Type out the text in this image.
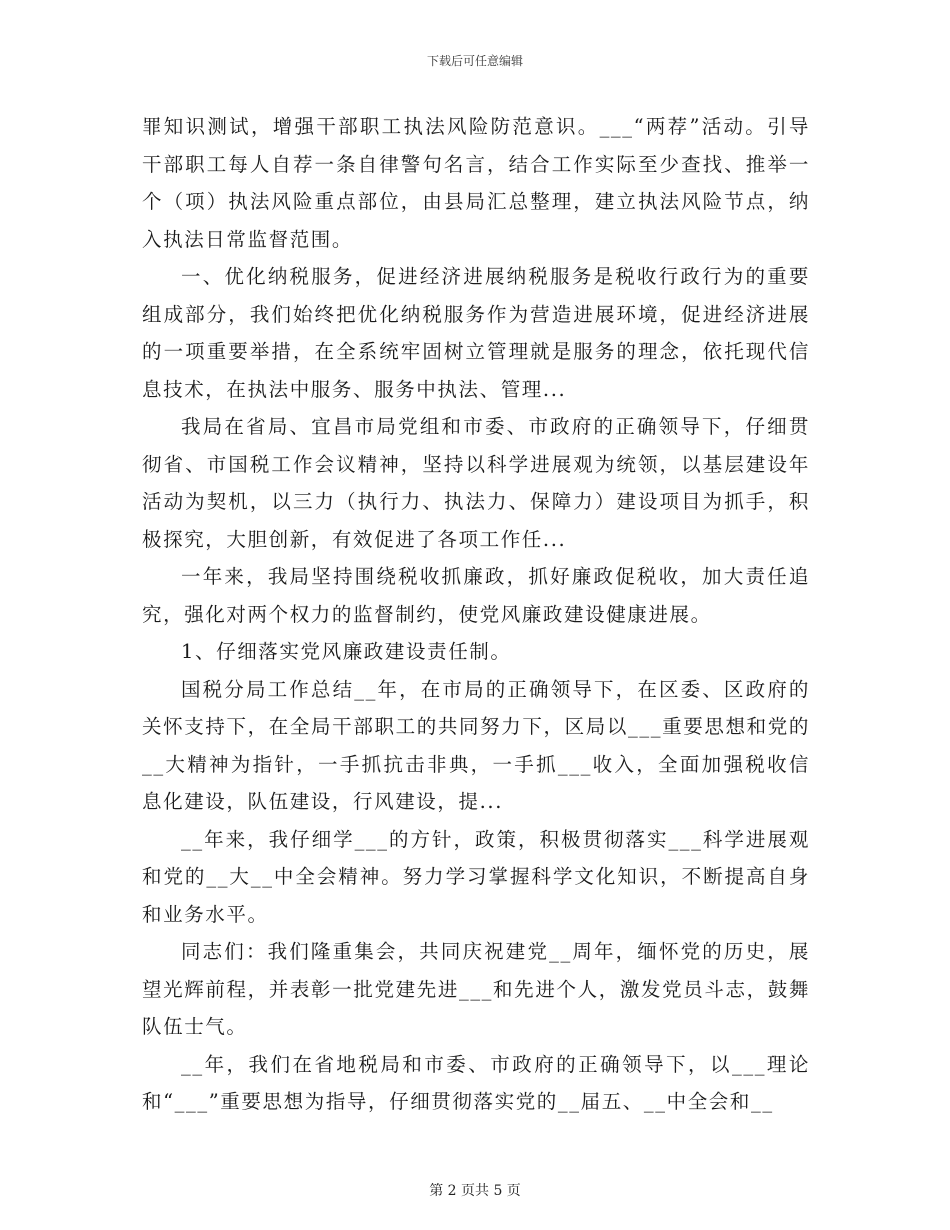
下载后可任意编辑

罪知识测试，增强干部职工执法风险防范意识。___“两荐”活动。引导干部职工每人自荐一条自律警句名言，结合工作实际至少查找、推举一个（项）执法风险重点部位，由县局汇总整理，建立执法风险节点，纳入执法日常监督范围。

一、优化纳税服务，促进经济进展纳税服务是税收行政行为的重要组成部分，我们始终把优化纳税服务作为营造进展环境，促进经济进展的一项重要举措，在全系统牢固树立管理就是服务的理念，依托现代信息技术，在执法中服务、服务中执法、管理...

我局在省局、宜昌市局党组和市委、市政府的正确领导下，仔细贯彻省、市国税工作会议精神，坚持以科学进展观为统领，以基层建设年活动为契机，以三力（执行力、执法力、保障力）建设项目为抓手，积极探究，大胆创新，有效促进了各项工作任...

一年来，我局坚持围绕税收抓廉政，抓好廉政促税收，加大责任追究，强化对两个权力的监督制约，使党风廉政建设健康进展。

1、仔细落实党风廉政建设责任制。

国税分局工作总结__年，在市局的正确领导下，在区委、区政府的关怀支持下，在全局干部职工的共同努力下，区局以___重要思想和党的__大精神为指针，一手抓抗击非典，一手抓___收入，全面加强税收信息化建设，队伍建设，行风建设，提...

__年来，我仔细学___的方针，政策，积极贯彻落实___科学进展观和党的__大__中全会精神。努力学习掌握科学文化知识，不断提高自身和业务水平。

同志们：我们隆重集会，共同庆祝建党__周年，缅怀党的历史，展望光辉前程，并表彰一批党建先进___和先进个人，激发党员斗志，鼓舞队伍士气。

__年，我们在省地税局和市委、市政府的正确领导下，以___理论和“___”重要思想为指导，仔细贯彻落实党的__届五、__中全会和__

第 2 页共 5 页
